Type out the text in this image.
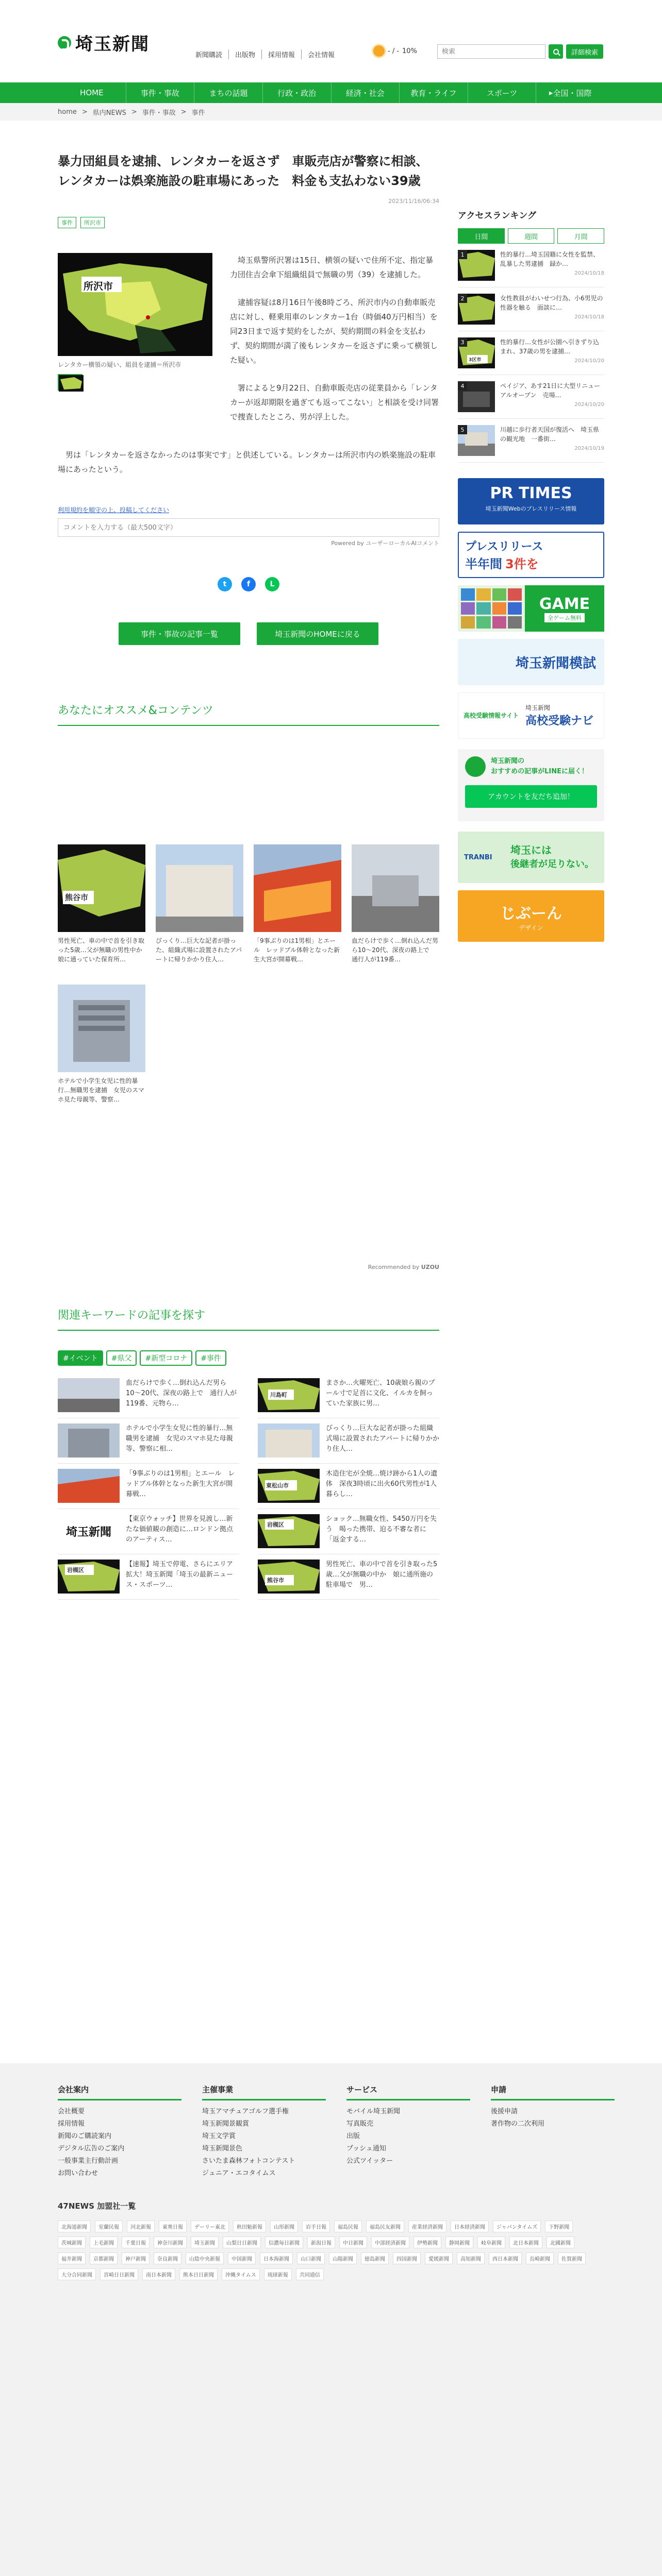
埼玉新聞
新聞購読	出版物	採用情報	会社情報
- / - 10%
検索	詳細検索
HOME	事件・事故	まちの話題	行政・政治	経済・社会	教育・ライフ	スポーツ	▸ 全国・国際
home > 県内NEWS > 事件・事故 > 事件
暴力団組員を逮捕、レンタカーを返さず　車販売店が警察に相談、レンタカーは娯楽施設の駐車場にあった　料金も支払わない39歳
2023/11/16/06:34
事件	所沢市
所沢市
レンタカー横領の疑い、組員を逮捕＝所沢市

　埼玉県警所沢署は15日、横領の疑いで住所不定、指定暴力団住吉会傘下組織組員で無職の男（39）を逮捕した。

　逮捕容疑は8月16日午後8時ごろ、所沢市内の自動車販売店に対し、軽乗用車のレンタカー1台（時価40万円相当）を同23日まで返す契約をしたが、契約期間の料金を支払わず、契約期間が満了後もレンタカーを返さずに乗って横領した疑い。

　署によると9月22日、自動車販売店の従業員から「レンタカーが返却期限を過ぎても返ってこない」と相談を受け同署で捜査したところ、男が浮上した。

　男は「レンタカーを返さなかったのは事実です」と供述している。レンタカーは所沢市内の娯楽施設の駐車場にあったという。

利用規約を順守の上、投稿してください
コメントを入力する（最大500文字）
Powered by ユーザーローカルAIコメント
t	f	L
事件・事故の記事一覧	埼玉新聞のHOMEに戻る
あなたにオススメ&コンテンツ
熊谷市
男性死亡、車の中で首を引き取った5歳…父が無職の男性中か　娘に通っていた保育所…
びっくり…巨大な記者が掛った、組織式場に設置されたアパートに帰りかかり住人…
「9事ぶりのは1男相」とエール　レッドブル体幹となった新生大宮が開幕戦…
血だらけで歩く…倒れ込んだ男ら10〜20代、深夜の路上で　通行人が119番…
ホテルで小学生女児に性的暴行…無職男を逮捕　女児のスマホ見た母親等、警察…
Recommended by UZOU
関連キーワードの記事を探す
#イベント	#県父	#新型コロナ	#事件
血だらけで歩く…倒れ込んだ男ら10〜20代、深夜の路上で　通行人が119番、元物ら…
川島町
まさか…火曜死亡、10歳娘ら親のプール寸で足首に文化、イルカを飼っていた家族に男…
ホテルで小学生女児に性的暴行…無職男を逮捕　女児のスマホ見た母親等、警察に相…
びっくり…巨大な記者が掛った組織式場に設置されたアパートに帰りかかり住人…
「9事ぶりのは1男相」とエール　レッドブル体幹となった新生大宮が開幕戦…
東松山市
木造住宅が全焼…焼け跡から1人の遺体　深夜3時頃に出火60代男性が1人暮らし…
埼玉新聞
【東京ウォッチ】世界を見渡し…新たな価値観の創造に…ロンドン拠点のアーティス…
岩槻区
ショック…無職女性、5450万円を失う　喝った携帯、迫る不審な者に「返金する…
岩槻区
【速報】埼玉で停電、さらにエリア拡大！埼玉新聞「埼玉の最新ニュース・スポーツ…
熊谷市
男性死亡、車の中で首を引き取った5歳…父が無職の中か　娘に通所施の駐車場で　男…
アクセスランキング
日間	週間	月間
1	性的暴行…埼玉国籍に女性を監禁、乱暴した男逮捕　録か…
2024/10/18
2	女性教員がわいせつ行為、小6男児の性器を触る　面談に…
2024/10/18
3
3区市
性的暴行…女性が公園へ引きずり込まれ、37歳の男を逮捕…
2024/10/20
4	ペイジア、あす21日に大型リニューアルオープン　売場…
2024/10/20
5	川越に歩行者天国が復活へ　埼玉県の観光地　一番街…
2024/10/19
PR TIMES
埼玉新聞Webのプレスリリース情報
プレスリリース
半年間 3件を
GAME
全ゲーム無料
埼玉新聞模試
高校受験情報サイト
埼玉新聞
高校受験ナビ
埼玉新聞の
おすすめの記事がLINEに届く！
アカウントを友だち追加！
TRANBI
埼玉には
後継者が足りない。
じぶーん
デザイン
会社案内
会社概要
採用情報
新聞のご購読案内
デジタル広告のご案内
一般事業主行動計画
お問い合わせ
主催事業
埼玉アマチュアゴルフ選手権
埼玉新聞景観賞
埼玉文学賞
埼玉新聞景色
さいたま森林フォトコンテスト
ジュニア・エコタイムス
サービス
モバイル埼玉新聞
写真販売
出版
プッシュ通知
公式ツイッター
申請
後援申請
著作物の二次利用
47NEWS 加盟社一覧
北海道新聞	室蘭民報	河北新報	東奥日報	デーリー東北	秋田魁新報	山形新聞	岩手日報	福島民報	福島民友新聞	産業経済新聞	日本経済新聞	ジャパンタイムズ	下野新聞
茨城新聞	上毛新聞	千葉日報	神奈川新聞	埼玉新聞	山梨日日新聞	信濃毎日新聞	新潟日報	中日新聞	中部経済新聞	伊勢新聞	静岡新聞	岐阜新聞	北日本新聞	北國新聞
福井新聞	京都新聞	神戸新聞	奈良新聞	山陰中央新報	中国新聞	日本海新聞	山口新聞	山陽新聞	徳島新聞	四国新聞	愛媛新聞	高知新聞	西日本新聞	長崎新聞	佐賀新聞
大分合同新聞	宮崎日日新聞	南日本新聞	熊本日日新聞	沖縄タイムス	琉球新報	共同通信
